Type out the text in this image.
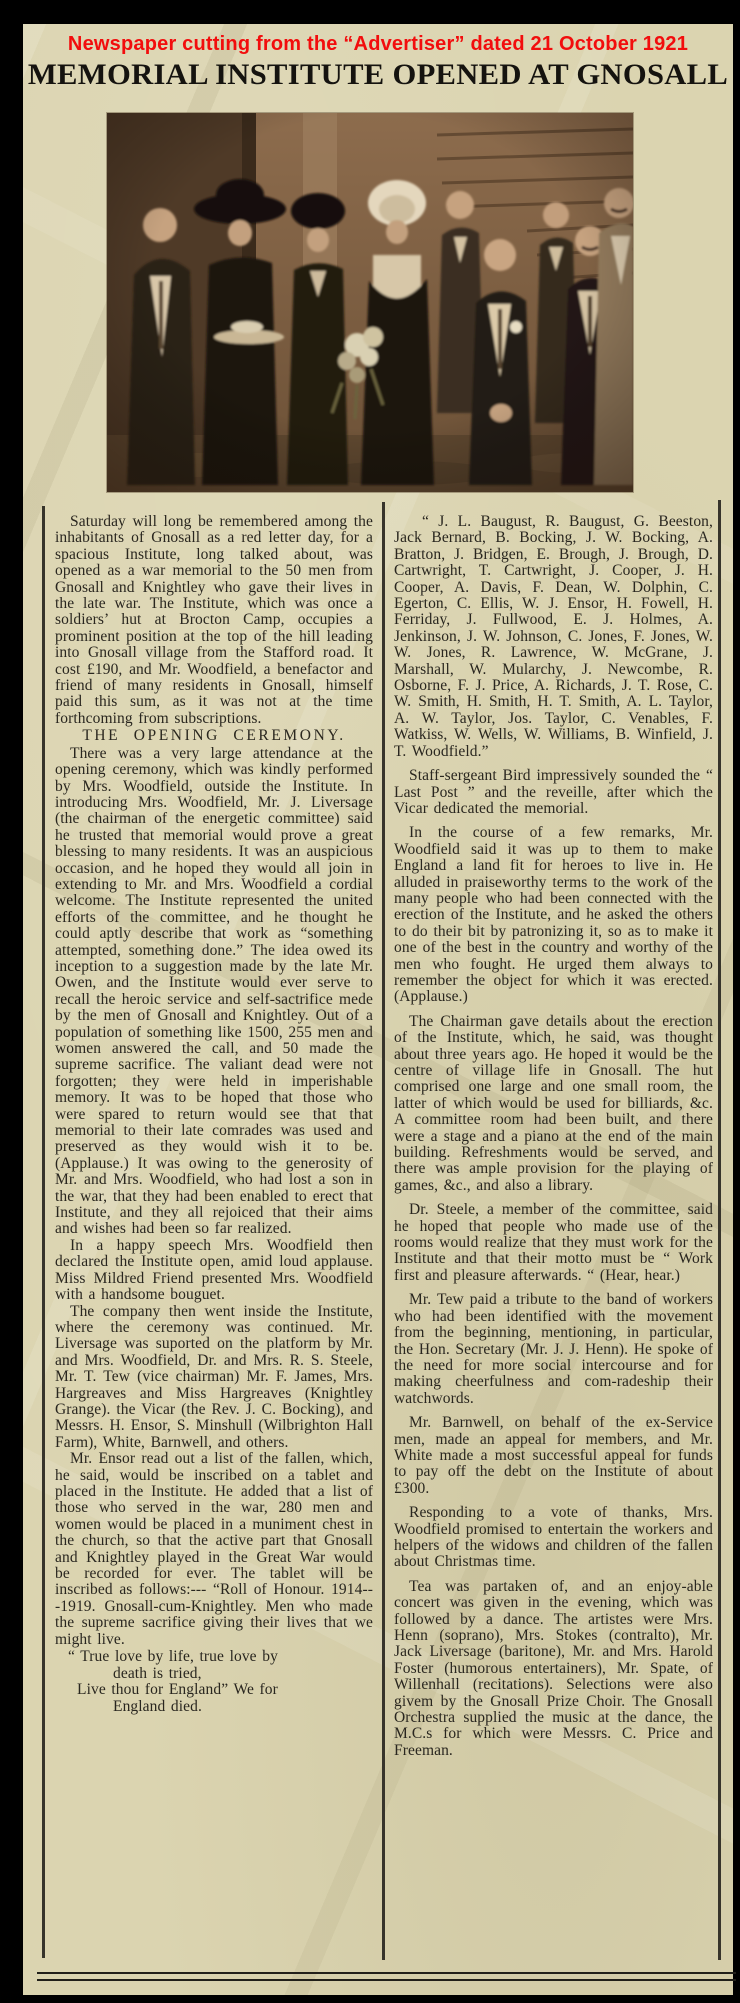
Newspaper cutting from the “Advertiser” dated 21 October 1921
MEMORIAL INSTITUTE OPENED AT GNOSALL

Saturday will long be remembered among the inhabitants of Gnosall as a red letter day, for a spacious Institute, long talked about, was opened as a war memorial to the 50 men from Gnosall and Knightley who gave their lives in the late war. The Institute, which was once a soldiers’ hut at Brocton Camp, occupies a prominent position at the top of the hill leading into Gnosall village from the Stafford road. It cost £190, and Mr. Woodfield, a benefactor and friend of many residents in Gnosall, himself paid this sum, as it was not at the time forthcoming from subscriptions.

THE OPENING CEREMONY.

There was a very large attendance at the opening ceremony, which was kindly performed by Mrs. Woodfield, outside the Institute. In introducing Mrs. Woodfield, Mr. J. Liversage (the chairman of the energetic committee) said he trusted that memorial would prove a great blessing to many residents. It was an auspicious occasion, and he hoped they would all join in extending to Mr. and Mrs. Woodfield a cordial welcome. The Institute represented the united efforts of the committee, and he thought he could aptly describe that work as “something attempted, something done.” The idea owed its inception to a suggestion made by the late Mr. Owen, and the Institute would ever serve to recall the heroic service and self-sactrifice mede by the men of Gnosall and Knightley. Out of a population of something like 1500, 255 men and women answered the call, and 50 made the supreme sacrifice. The valiant dead were not forgotten; they were held in imperishable memory. It was to be hoped that those who were spared to return would see that that memorial to their late comrades was used and preserved as they would wish it to be. (Applause.) It was owing to the generosity of Mr. and Mrs. Woodfield, who had lost a son in the war, that they had been enabled to erect that Institute, and they all rejoiced that their aims and wishes had been so far realized.

In a happy speech Mrs. Woodfield then declared the Institute open, amid loud applause. Miss Mildred Friend presented Mrs. Woodfield with a handsome bouguet.

The company then went inside the Institute, where the ceremony was continued. Mr. Liversage was suported on the platform by Mr. and Mrs. Woodfield, Dr. and Mrs. R. S. Steele, Mr. T. Tew (vice chairman) Mr. F. James, Mrs. Hargreaves and Miss Hargreaves (Knightley Grange). the Vicar (the Rev. J. C. Bocking), and Messrs. H. Ensor, S. Minshull (Wilbrighton Hall Farm), White, Barnwell, and others.

Mr. Ensor read out a list of the fallen, which, he said, would be inscribed on a tablet and placed in the Institute. He added that a list of those who served in the war, 280 men and women would be placed in a muniment chest in the church, so that the active part that Gnosall and Knightley played in the Great War would be recorded for ever. The tablet will be inscribed as follows:--- “Roll of Honour. 1914---1919. Gnosall-cum-Knightley. Men who made the supreme sacrifice giving their lives that we might live.

“ True love by life, true love by
death is tried,
Live thou for England” We for
England died.

“ J. L. Baugust, R. Baugust, G. Beeston, Jack Bernard, B. Bocking, J. W. Bocking, A. Bratton, J. Bridgen, E. Brough, J. Brough, D. Cartwright, T. Cartwright, J. Cooper, J. H. Cooper, A. Davis, F. Dean, W. Dolphin, C. Egerton, C. Ellis, W. J. Ensor, H. Fowell, H. Ferriday, J. Fullwood, E. J. Holmes, A. Jenkinson, J. W. Johnson, C. Jones, F. Jones, W. W. Jones, R. Lawrence, W. McGrane, J. Marshall, W. Mularchy, J. Newcombe, R. Osborne, F. J. Price, A. Richards, J. T. Rose, C. W. Smith, H. Smith, H. T. Smith, A. L. Taylor, A. W. Taylor, Jos. Taylor, C. Venables, F. Watkiss, W. Wells, W. Williams, B. Winfield, J. T. Woodfield.”

Staff-sergeant Bird impressively sounded the “ Last Post ” and the reveille, after which the Vicar dedicated the memorial.

In the course of a few remarks, Mr. Woodfield said it was up to them to make England a land fit for heroes to live in. He alluded in praiseworthy terms to the work of the many people who had been connected with the erection of the Institute, and he asked the others to do their bit by patronizing it, so as to make it one of the best in the country and worthy of the men who fought. He urged them always to remember the object for which it was erected. (Applause.)

The Chairman gave details about the erection of the Institute, which, he said, was thought about three years ago. He hoped it would be the centre of village life in Gnosall. The hut comprised one large and one small room, the latter of which would be used for billiards, &c. A committee room had been built, and there were a stage and a piano at the end of the main building. Refreshments would be served, and there was ample provision for the playing of games, &c., and also a library.

Dr. Steele, a member of the committee, said he hoped that people who made use of the rooms would realize that they must work for the Institute and that their motto must be “ Work first and pleasure afterwards. “ (Hear, hear.)

Mr. Tew paid a tribute to the band of workers who had been identified with the movement from the beginning, mentioning, in particular, the Hon. Secretary (Mr. J. J. Henn). He spoke of the need for more social intercourse and for making cheerfulness and com-radeship their watchwords.

Mr. Barnwell, on behalf of the ex-Service men, made an appeal for members, and Mr. White made a most successful appeal for funds to pay off the debt on the Institute of about £300.

Responding to a vote of thanks, Mrs. Woodfield promised to entertain the workers and helpers of the widows and children of the fallen about Christmas time.

Tea was partaken of, and an enjoy-able concert was given in the evening, which was followed by a dance. The artistes were Mrs. Henn (soprano), Mrs. Stokes (contralto), Mr. Jack Liversage (baritone), Mr. and Mrs. Harold Foster (humorous entertainers), Mr. Spate, of Willenhall (recitations). Selections were also givem by the Gnosall Prize Choir. The Gnosall Orchestra supplied the music at the dance, the M.C.s for which were Messrs. C. Price and Freeman.
